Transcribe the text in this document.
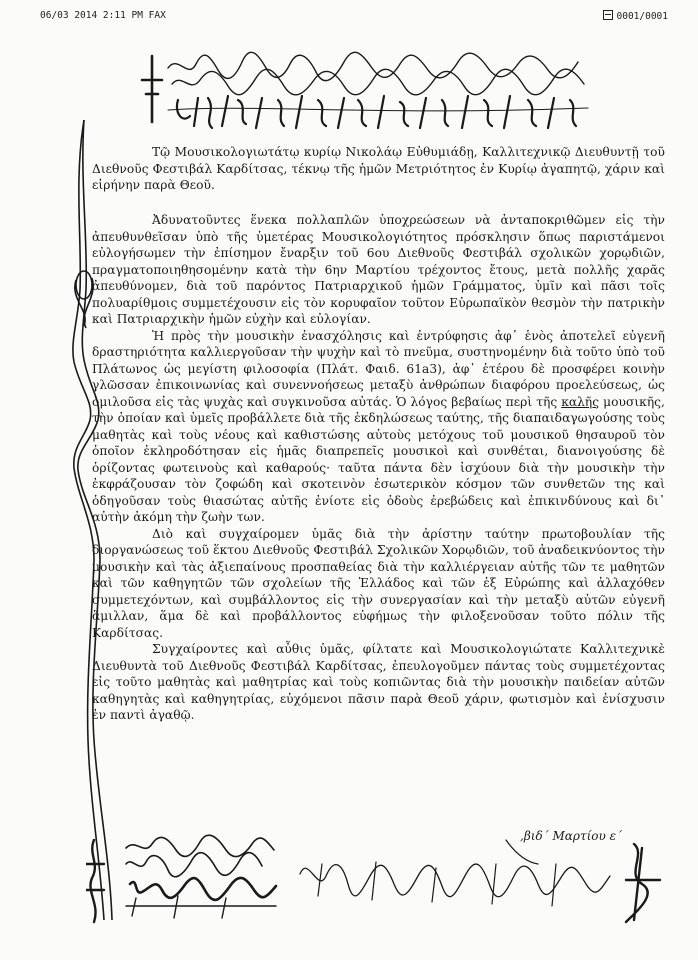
06/03 2014 2:11 PM FAX	0001/0001

Τῷ Μουσικολογιωτάτῳ κυρίῳ Νικολάῳ Εὐθυμιάδῃ, Καλλιτεχνικῷ Διευθυντῇ τοῦ Διεθνοῦς Φεστιβάλ Καρδίτσας, τέκνῳ τῆς ἡμῶν Μετριότητος ἐν Κυρίῳ ἀγαπητῷ, χάριν καὶ εἰρήνην παρὰ Θεοῦ.

Ἀδυνατοῦντες ἕνεκα πολλαπλῶν ὑποχρεώσεων νὰ ἀνταποκριθῶμεν εἰς τὴν ἀπευθυνθεῖσαν ὑπὸ τῆς ὑμετέρας Μουσικολογιότητος πρόσκλησιν ὅπως παριστάμενοι εὐλογήσωμεν τὴν ἐπίσημον ἔναρξιν τοῦ 6ου Διεθνοῦς Φεστιβάλ σχολικῶν χορῳδιῶν, πραγματοποιηθησομένην κατὰ τὴν 6ην Μαρτίου τρέχοντος ἔτους, μετὰ πολλῆς χαρᾶς ἀπευθύνομεν, διὰ τοῦ παρόντος Πατριαρχικοῦ ἡμῶν Γράμματος, ὑμῖν καὶ πᾶσι τοῖς πολυαρίθμοις συμμετέχουσιν εἰς τὸν κορυφαῖον τοῦτον Εὐρωπαϊκὸν θεσμὸν τὴν πατρικὴν καὶ Πατριαρχικὴν ἡμῶν εὐχὴν καὶ εὐλογίαν.

Ἡ πρὸς τὴν μουσικὴν ἐνασχόλησις καὶ ἐντρύφησις ἀφ᾽ ἑνὸς ἀποτελεῖ εὐγενῆ δραστηριότητα καλλιεργοῦσαν τὴν ψυχὴν καὶ τὸ πνεῦμα, συστηνομένην διὰ τοῦτο ὑπὸ τοῦ Πλάτωνος ὡς μεγίστη φιλοσοφία (Πλάτ. Φαιδ. 61a3), ἀφ᾽ ἑτέρου δὲ προσφέρει κοινὴν γλῶσσαν ἐπικοινωνίας καὶ συνεννοήσεως μεταξὺ ἀνθρώπων διαφόρου προελεύσεως, ὡς ὁμιλοῦσα εἰς τὰς ψυχὰς καὶ συγκινοῦσα αὐτάς. Ὁ λόγος βεβαίως περὶ τῆς καλῆς μουσικῆς, τὴν ὁποίαν καὶ ὑμεῖς προβάλλετε διὰ τῆς ἐκδηλώσεως ταύτης, τῆς διαπαιδαγωγούσης τοὺς μαθητὰς καὶ τοὺς νέους καὶ καθιστώσης αὐτοὺς μετόχους τοῦ μουσικοῦ θησαυροῦ τὸν ὁποῖον ἐκληροδότησαν εἰς ἡμᾶς διαπρεπεῖς μουσικοὶ καὶ συνθέται, διανοιγούσης δὲ ὁρίζοντας φωτεινοὺς καὶ καθαρούς· ταῦτα πάντα δὲν ἰσχύουν διὰ τὴν μουσικὴν τὴν ἐκφράζουσαν τὸν ζοφώδη καὶ σκοτεινὸν ἐσωτερικὸν κόσμον τῶν συνθετῶν της καὶ ὁδηγοῦσαν τοὺς θιασώτας αὐτῆς ἐνίοτε εἰς ὁδοὺς ἐρεβώδεις καὶ ἐπικινδύνους καὶ δι᾽ αὐτὴν ἀκόμη τὴν ζωὴν των.

Διὸ καὶ συγχαίρομεν ὑμᾶς διὰ τὴν ἀρίστην ταύτην πρωτοβουλίαν τῆς διοργανώσεως τοῦ ἕκτου Διεθνοῦς Φεστιβάλ Σχολικῶν Χορῳδιῶν, τοῦ ἀναδεικνύοντος τὴν μουσικὴν καὶ τὰς ἀξιεπαίνους προσπαθείας διὰ τὴν καλλιέργειαν αὐτῆς τῶν τε μαθητῶν καὶ τῶν καθηγητῶν τῶν σχολείων τῆς Ἑλλάδος καὶ τῶν ἐξ Εὐρώπης καὶ ἀλλαχόθεν συμμετεχόντων, καὶ συμβάλλοντος εἰς τὴν συνεργασίαν καὶ τὴν μεταξὺ αὐτῶν εὐγενῆ ἅμιλλαν, ἅμα δὲ καὶ προβάλλοντος εὐφήμως τὴν φιλοξενοῦσαν τοῦτο πόλιν τῆς Καρδίτσας.

Συγχαίροντες καὶ αὖθις ὑμᾶς, φίλτατε καὶ Μουσικολογιώτατε Καλλιτεχνικὲ Διευθυντὰ τοῦ Διεθνοῦς Φεστιβάλ Καρδίτσας, ἐπευλογοῦμεν πάντας τοὺς συμμετέχοντας εἰς τοῦτο μαθητὰς καὶ μαθητρίας καὶ τοὺς κοπιῶντας διὰ τὴν μουσικὴν παιδείαν αὐτῶν καθηγητὰς καὶ καθηγητρίας, εὐχόμενοι πᾶσιν παρὰ Θεοῦ χάριν, φωτισμὸν καὶ ἐνίσχυσιν ἐν παντὶ ἀγαθῷ.

,βιδ´ Μαρτίου ε´
